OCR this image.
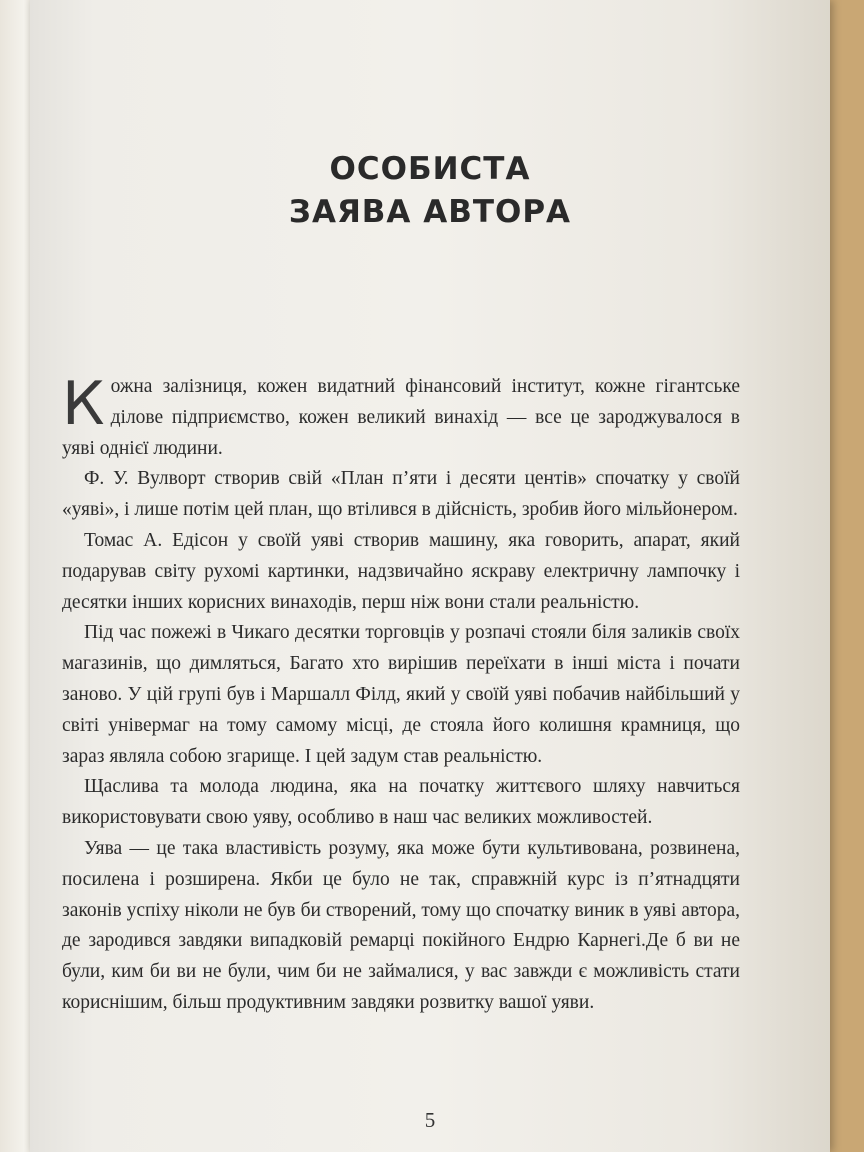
ОСОБИСТА
ЗАЯВА АВТОРА

Кожна залізниця, кожен видатний фінансовий інститут, кожне гігантське ділове підприємство, кожен великий винахід — все це зароджувалося в уяві однієї людини.

Ф. У. Вулворт створив свій «План п’яти і десяти центів» спочатку у своїй «уяві», і лише потім цей план, що втілився в дійсність, зробив його мільйонером.

Томас А. Едісон у своїй уяві створив машину, яка говорить, апарат, який подарував світу рухомі картинки, надзвичайно яскраву електричну лампочку і десятки інших корисних винаходів, перш ніж вони стали реальністю.

Під час пожежі в Чикаго десятки торговців у розпачі стояли біля заликів своїх магазинів, що димляться, Багато хто вирішив переїхати в інші міста і почати заново. У цій групі був і Маршалл Філд, який у своїй уяві побачив найбільший у світі універмаг на тому самому місці, де стояла його колишня крамниця, що зараз являла собою згарище. І цей задум став реальністю.

Щаслива та молода людина, яка на початку життєвого шляху навчиться використовувати свою уяву, особливо в наш час великих можливостей.

Уява — це така властивість розуму, яка може бути культивована, розвинена, посилена і розширена. Якби це було не так, справжній курс із п’ятнадцяти законів успіху ніколи не був би створений, тому що спочатку виник в уяві автора, де зародився завдяки випадковій ремарці покійного Ендрю Карнегі.Де б ви не були, ким би ви не були, чим би не займалися, у вас завжди є можливість стати кориснішим, більш продуктивним завдяки розвитку вашої уяви.

5
